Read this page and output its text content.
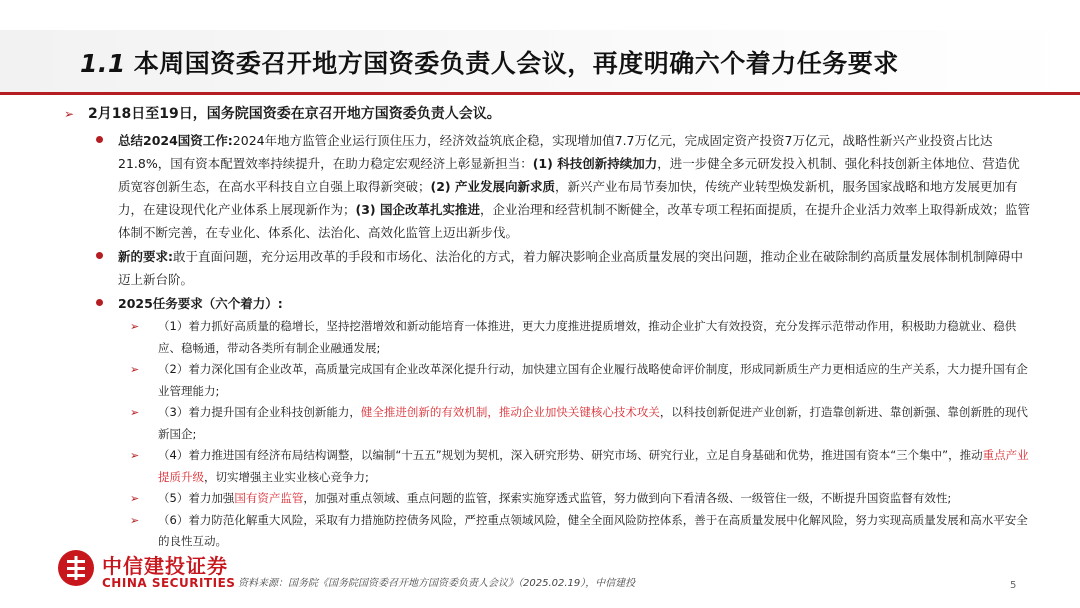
1.1 本周国资委召开地方国资委负责人会议，再度明确六个着力任务要求
➢ 2月18日至19日，国务院国资委在京召开地方国资委负责人会议。
总结2024国资工作:2024年地方监管企业运行顶住压力，经济效益筑底企稳，实现增加值7.7万亿元，完成固定资产投资7万亿元，战略性新兴产业投资占比达21.8%，国有资本配置效率持续提升，在助力稳定宏观经济上彰显新担当：(1) 科技创新持续加力，进一步健全多元研发投入机制、强化科技创新主体地位、营造优质宽容创新生态，在高水平科技自立自强上取得新突破；(2) 产业发展向新求质，新兴产业布局节奏加快，传统产业转型焕发新机，服务国家战略和地方发展更加有力，在建设现代化产业体系上展现新作为；(3) 国企改革扎实推进，企业治理和经营机制不断健全，改革专项工程拓面提质，在提升企业活力效率上取得新成效；监管体制不断完善，在专业化、体系化、法治化、高效化监管上迈出新步伐。
新的要求:敢于直面问题，充分运用改革的手段和市场化、法治化的方式，着力解决影响企业高质量发展的突出问题，推动企业在破除制约高质量发展体制机制障碍中迈上新台阶。
2025任务要求（六个着力）:
➢ （1）着力抓好高质量的稳增长，坚持挖潜增效和新动能培育一体推进，更大力度推进提质增效，推动企业扩大有效投资，充分发挥示范带动作用，积极助力稳就业、稳供应、稳畅通，带动各类所有制企业融通发展;
➢ （2）着力深化国有企业改革，高质量完成国有企业改革深化提升行动，加快建立国有企业履行战略使命评价制度，形成同新质生产力更相适应的生产关系，大力提升国有企业管理能力;
➢ （3）着力提升国有企业科技创新能力，健全推进创新的有效机制，推动企业加快关键核心技术攻关，以科技创新促进产业创新，打造靠创新进、靠创新强、靠创新胜的现代新国企;
➢ （4）着力推进国有经济布局结构调整，以编制“十五五”规划为契机，深入研究形势、研究市场、研究行业，立足自身基础和优势，推进国有资本“三个集中”，推动重点产业提质升级，切实增强主业实业核心竞争力;
➢ （5）着力加强国有资产监管，加强对重点领域、重点问题的监管，探索实施穿透式监管，努力做到向下看清各级、一级管住一级，不断提升国资监督有效性;
➢ （6）着力防范化解重大风险，采取有力措施防控债务风险，严控重点领域风险，健全全面风险防控体系，善于在高质量发展中化解风险，努力实现高质量发展和高水平安全的良性互动。
中信建投证券
CHINA SECURITIES 资料来源：国务院《国务院国资委召开地方国资委负责人会议》（2025.02.19），中信建投	5
